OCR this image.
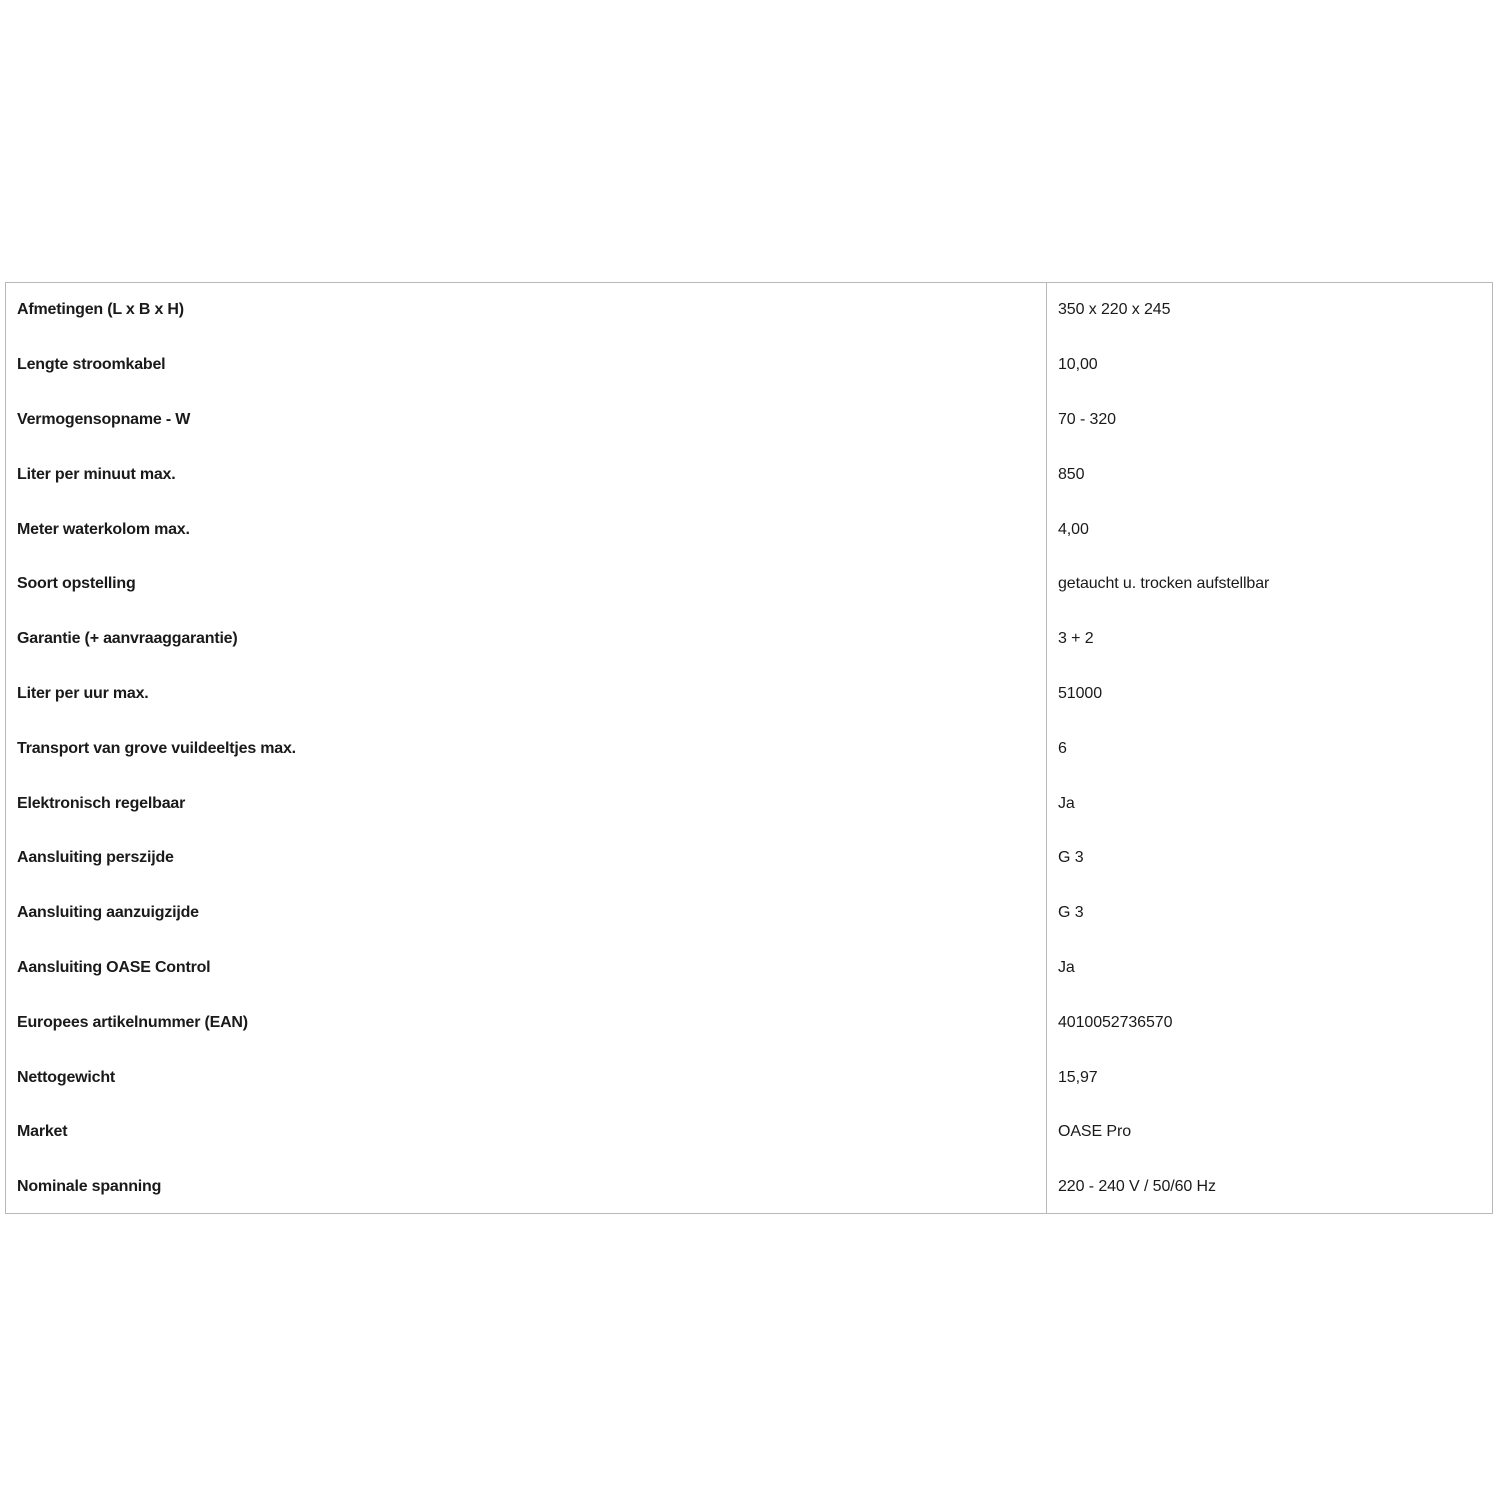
Afmetingen (L x B x H)	350 x 220 x 245
Lengte stroomkabel	10,00
Vermogensopname - W	70 - 320
Liter per minuut max.	850
Meter waterkolom max.	4,00
Soort opstelling	getaucht u. trocken aufstellbar
Garantie (+ aanvraaggarantie)	3 + 2
Liter per uur max.	51000
Transport van grove vuildeeltjes max.	6
Elektronisch regelbaar	Ja
Aansluiting perszijde	G 3
Aansluiting aanzuigzijde	G 3
Aansluiting OASE Control	Ja
Europees artikelnummer (EAN)	4010052736570
Nettogewicht	15,97
Market	OASE Pro
Nominale spanning	220 - 240 V / 50/60 Hz
